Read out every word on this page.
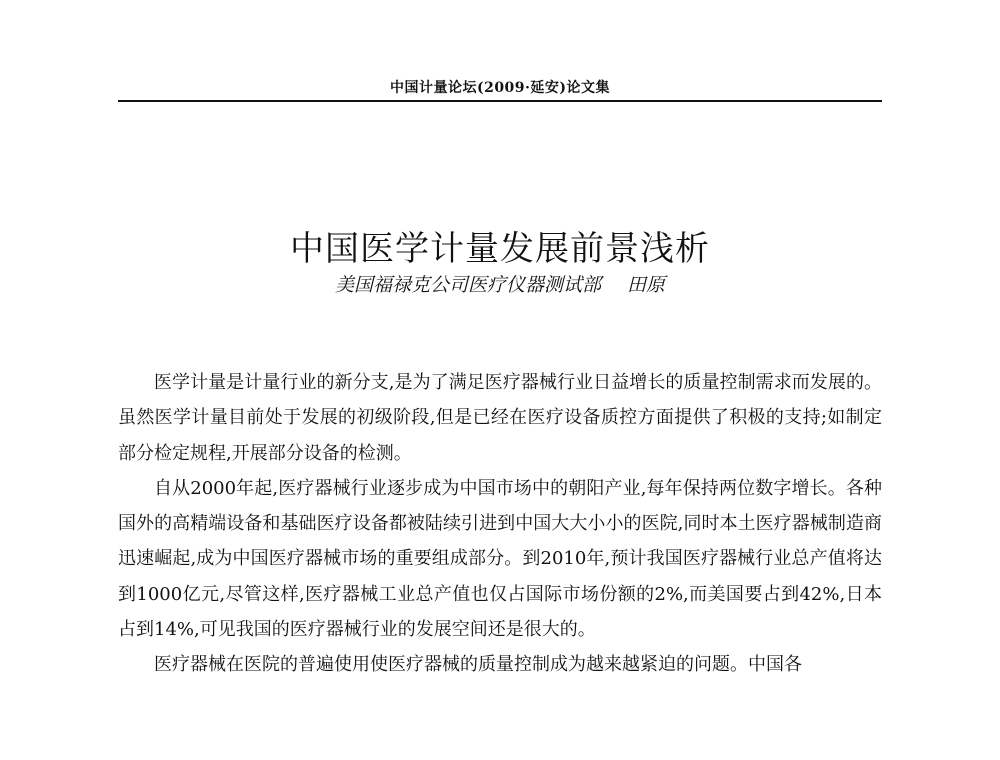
中国计量论坛(2009·延安)论文集
中国医学计量发展前景浅析
美国福禄克公司医疗仪器测试部 田原

医学计量是计量行业的新分支,是为了满足医疗器械行业日益增长的质量控制需求而发展的。虽然医学计量目前处于发展的初级阶段,但是已经在医疗设备质控方面提供了积极的支持;如制定部分检定规程,开展部分设备的检测。

自从2000年起,医疗器械行业逐步成为中国市场中的朝阳产业,每年保持两位数字增长。各种国外的高精端设备和基础医疗设备都被陆续引进到中国大大小小的医院,同时本土医疗器械制造商迅速崛起,成为中国医疗器械市场的重要组成部分。到2010年,预计我国医疗器械行业总产值将达到1000亿元,尽管这样,医疗器械工业总产值也仅占国际市场份额的2%,而美国要占到42%,日本占到14%,可见我国的医疗器械行业的发展空间还是很大的。

医疗器械在医院的普遍使用使医疗器械的质量控制成为越来越紧迫的问题。中国各
